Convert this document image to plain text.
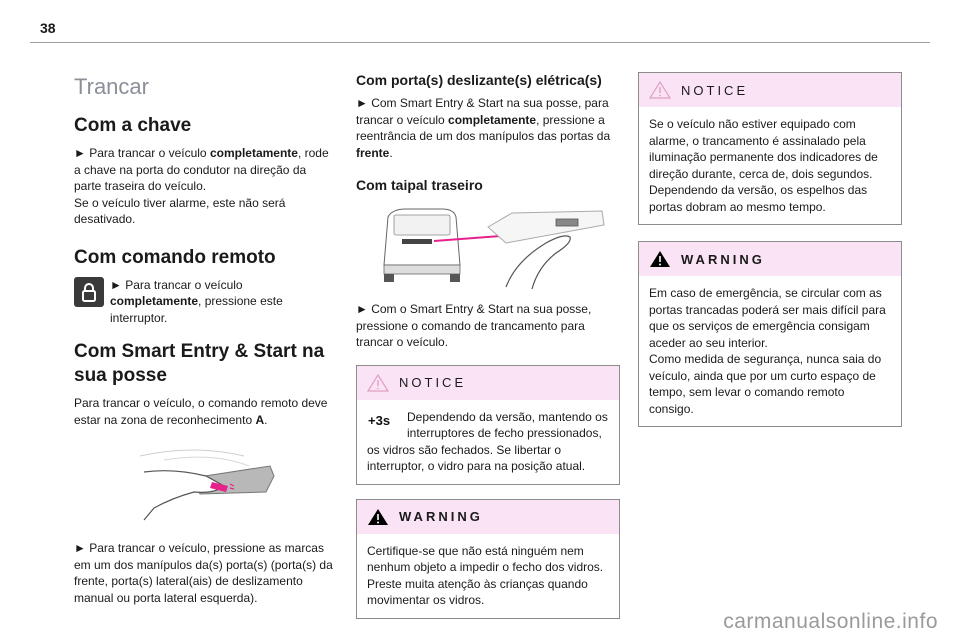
38
Trancar
Com a chave

► Para trancar o veículo completamente, rode a chave na porta do condutor na direção da parte traseira do veículo.

Se o veículo tiver alarme, este não será desativado.

Com comando remoto

► Para trancar o veículo completamente, pressione este interruptor.

Com Smart Entry & Start na sua posse

Para trancar o veículo, o comando remoto deve estar na zona de reconhecimento A.

► Para trancar o veículo, pressione as marcas em um dos manípulos da(s) porta(s) (porta(s) da frente, porta(s) lateral(ais) de deslizamento manual ou porta lateral esquerda).

Com porta(s) deslizante(s) elétrica(s)

► Com Smart Entry & Start na sua posse, para trancar o veículo completamente, pressione a reentrância de um dos manípulos das portas da frente.

Com taipal traseiro

► Com o Smart Entry & Start na sua posse, pressione o comando de trancamento para trancar o veículo.

NOTICE
+3s	Dependendo da versão, mantendo os interruptores de fecho pressionados, os vidros são fechados. Se libertar o interruptor, o vidro para na posição atual.

WARNING

Certifique-se que não está ninguém nem nenhum objeto a impedir o fecho dos vidros. Preste muita atenção às crianças quando movimentar os vidros.

NOTICE

Se o veículo não estiver equipado com alarme, o trancamento é assinalado pela iluminação permanente dos indicadores de direção durante, cerca de, dois segundos. Dependendo da versão, os espelhos das portas dobram ao mesmo tempo.

WARNING

Em caso de emergência, se circular com as portas trancadas poderá ser mais difícil para que os serviços de emergência consigam aceder ao seu interior.

Como medida de segurança, nunca saia do veículo, ainda que por um curto espaço de tempo, sem levar o comando remoto consigo.

carmanualsonline.info
